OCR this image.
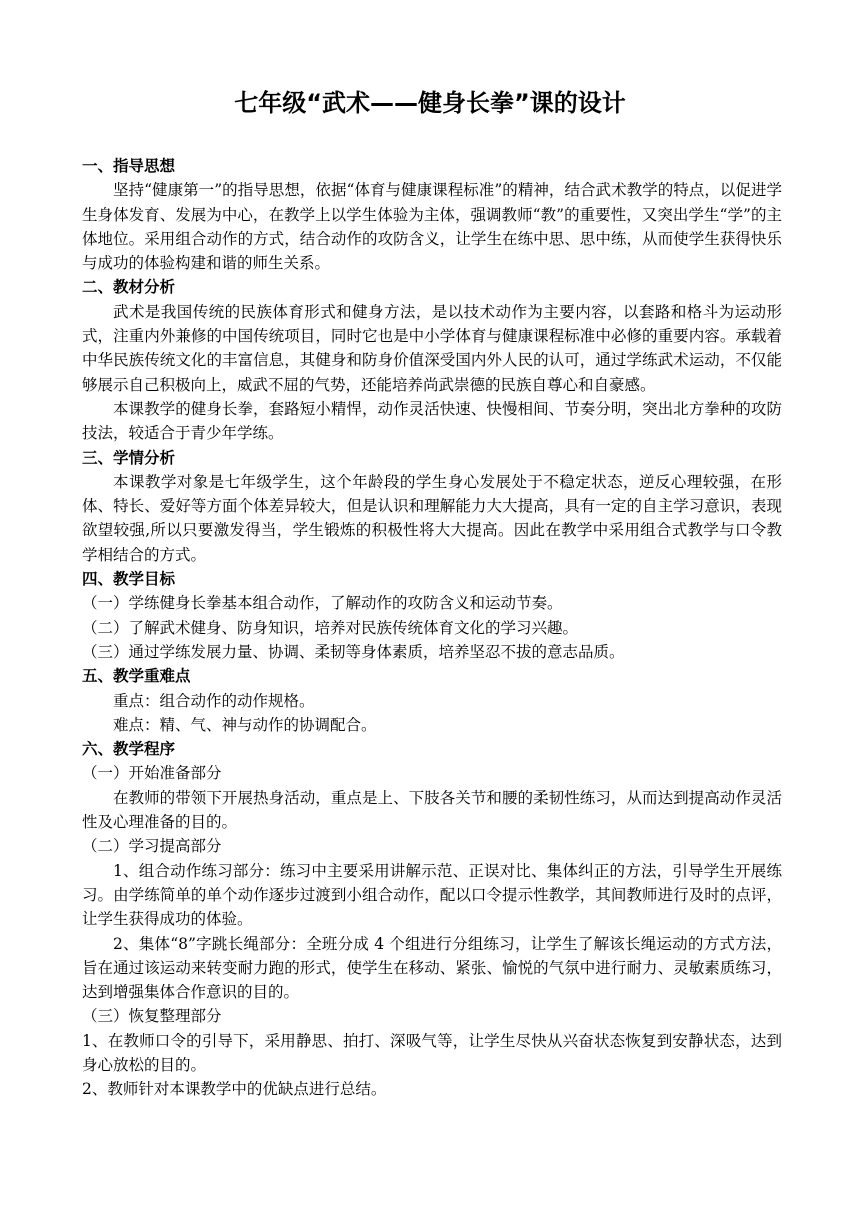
七年级“武术——健身长拳”课的设计

一、指导思想

坚持“健康第一”的指导思想，依据“体育与健康课程标准”的精神，结合武术教学的特点，以促进学生身体发育、发展为中心，在教学上以学生体验为主体，强调教师“教”的重要性，又突出学生“学”的主体地位。采用组合动作的方式，结合动作的攻防含义，让学生在练中思、思中练，从而使学生获得快乐与成功的体验构建和谐的师生关系。

二、教材分析

武术是我国传统的民族体育形式和健身方法，是以技术动作为主要内容，以套路和格斗为运动形式，注重内外兼修的中国传统项目，同时它也是中小学体育与健康课程标准中必修的重要内容。承载着中华民族传统文化的丰富信息，其健身和防身价值深受国内外人民的认可，通过学练武术运动，不仅能够展示自己积极向上，威武不屈的气势，还能培养尚武崇德的民族自尊心和自豪感。

本课教学的健身长拳，套路短小精悍，动作灵活快速、快慢相间、节奏分明，突出北方拳种的攻防技法，较适合于青少年学练。

三、学情分析

本课教学对象是七年级学生，这个年龄段的学生身心发展处于不稳定状态，逆反心理较强，在形体、特长、爱好等方面个体差异较大，但是认识和理解能力大大提高，具有一定的自主学习意识，表现欲望较强,所以只要激发得当，学生锻炼的积极性将大大提高。因此在教学中采用组合式教学与口令教学相结合的方式。

四、教学目标

（一）学练健身长拳基本组合动作，了解动作的攻防含义和运动节奏。

（二）了解武术健身、防身知识，培养对民族传统体育文化的学习兴趣。

（三）通过学练发展力量、协调、柔韧等身体素质，培养坚忍不拔的意志品质。

五、教学重难点

重点：组合动作的动作规格。

难点：精、气、神与动作的协调配合。

六、教学程序

（一）开始准备部分

在教师的带领下开展热身活动，重点是上、下肢各关节和腰的柔韧性练习，从而达到提高动作灵活性及心理准备的目的。

（二）学习提高部分

1、组合动作练习部分：练习中主要采用讲解示范、正误对比、集体纠正的方法，引导学生开展练习。由学练简单的单个动作逐步过渡到小组合动作，配以口令提示性教学，其间教师进行及时的点评，让学生获得成功的体验。

2、集体“8”字跳长绳部分：全班分成 4 个组进行分组练习，让学生了解该长绳运动的方式方法，旨在通过该运动来转变耐力跑的形式，使学生在移动、紧张、愉悦的气氛中进行耐力、灵敏素质练习，达到增强集体合作意识的目的。

（三）恢复整理部分

1、在教师口令的引导下，采用静思、拍打、深吸气等，让学生尽快从兴奋状态恢复到安静状态，达到身心放松的目的。

2、教师针对本课教学中的优缺点进行总结。
